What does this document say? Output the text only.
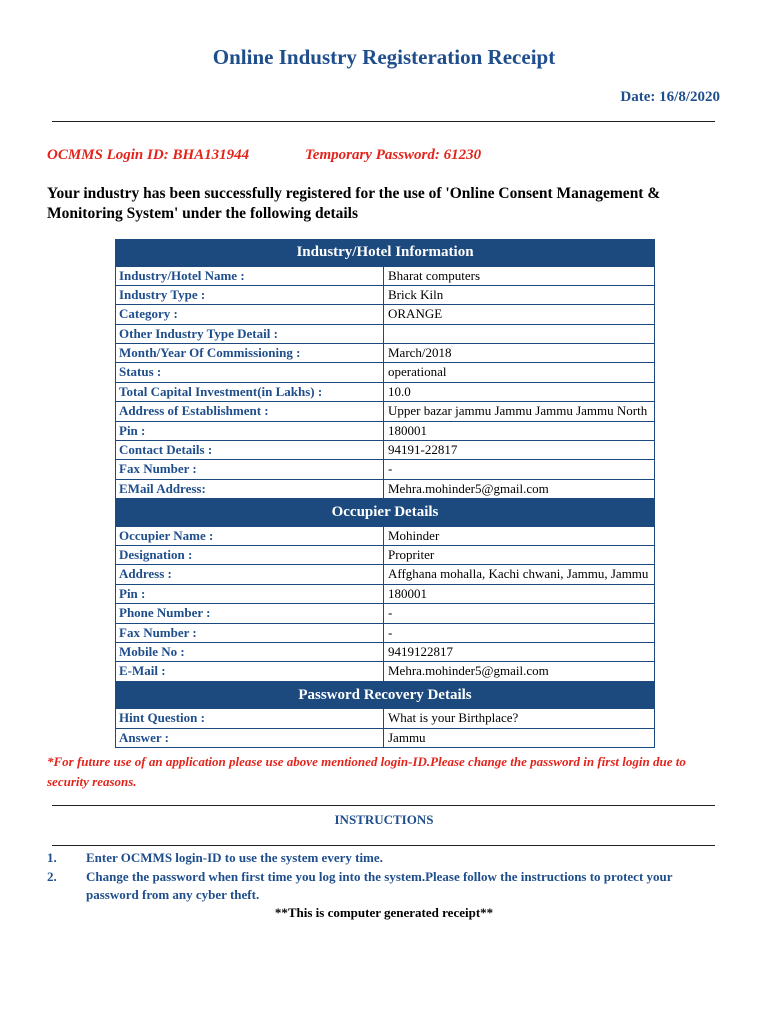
Online Industry Registeration Receipt
Date: 16/8/2020
OCMMS Login ID: BHA131944	Temporary Password: 61230
Your industry has been successfully registered for the use of 'Online Consent Management & Monitoring System' under the following details
Industry/Hotel Information
Industry/Hotel Name :	Bharat computers
Industry Type :	Brick Kiln
Category :	ORANGE
Other Industry Type Detail :
Month/Year Of Commissioning :	March/2018
Status :	operational
Total Capital Investment(in Lakhs) :	10.0
Address of Establishment :	Upper bazar jammu Jammu Jammu Jammu North
Pin :	180001
Contact Details :	94191-22817
Fax Number :	-
EMail Address:	Mehra.mohinder5@gmail.com
Occupier Details
Occupier Name :	Mohinder
Designation :	Propriter
Address :	Affghana mohalla, Kachi chwani, Jammu, Jammu
Pin :	180001
Phone Number :	-
Fax Number :	-
Mobile No :	9419122817
E-Mail :	Mehra.mohinder5@gmail.com
Password Recovery Details
Hint Question :	What is your Birthplace?
Answer :	Jammu
*For future use of an application please use above mentioned login-ID.Please change the password in first login due to security reasons.
INSTRUCTIONS
1.	Enter OCMMS login-ID to use the system every time.
2.	Change the password when first time you log into the system.Please follow the instructions to protect your password from any cyber theft.
**This is computer generated receipt**
